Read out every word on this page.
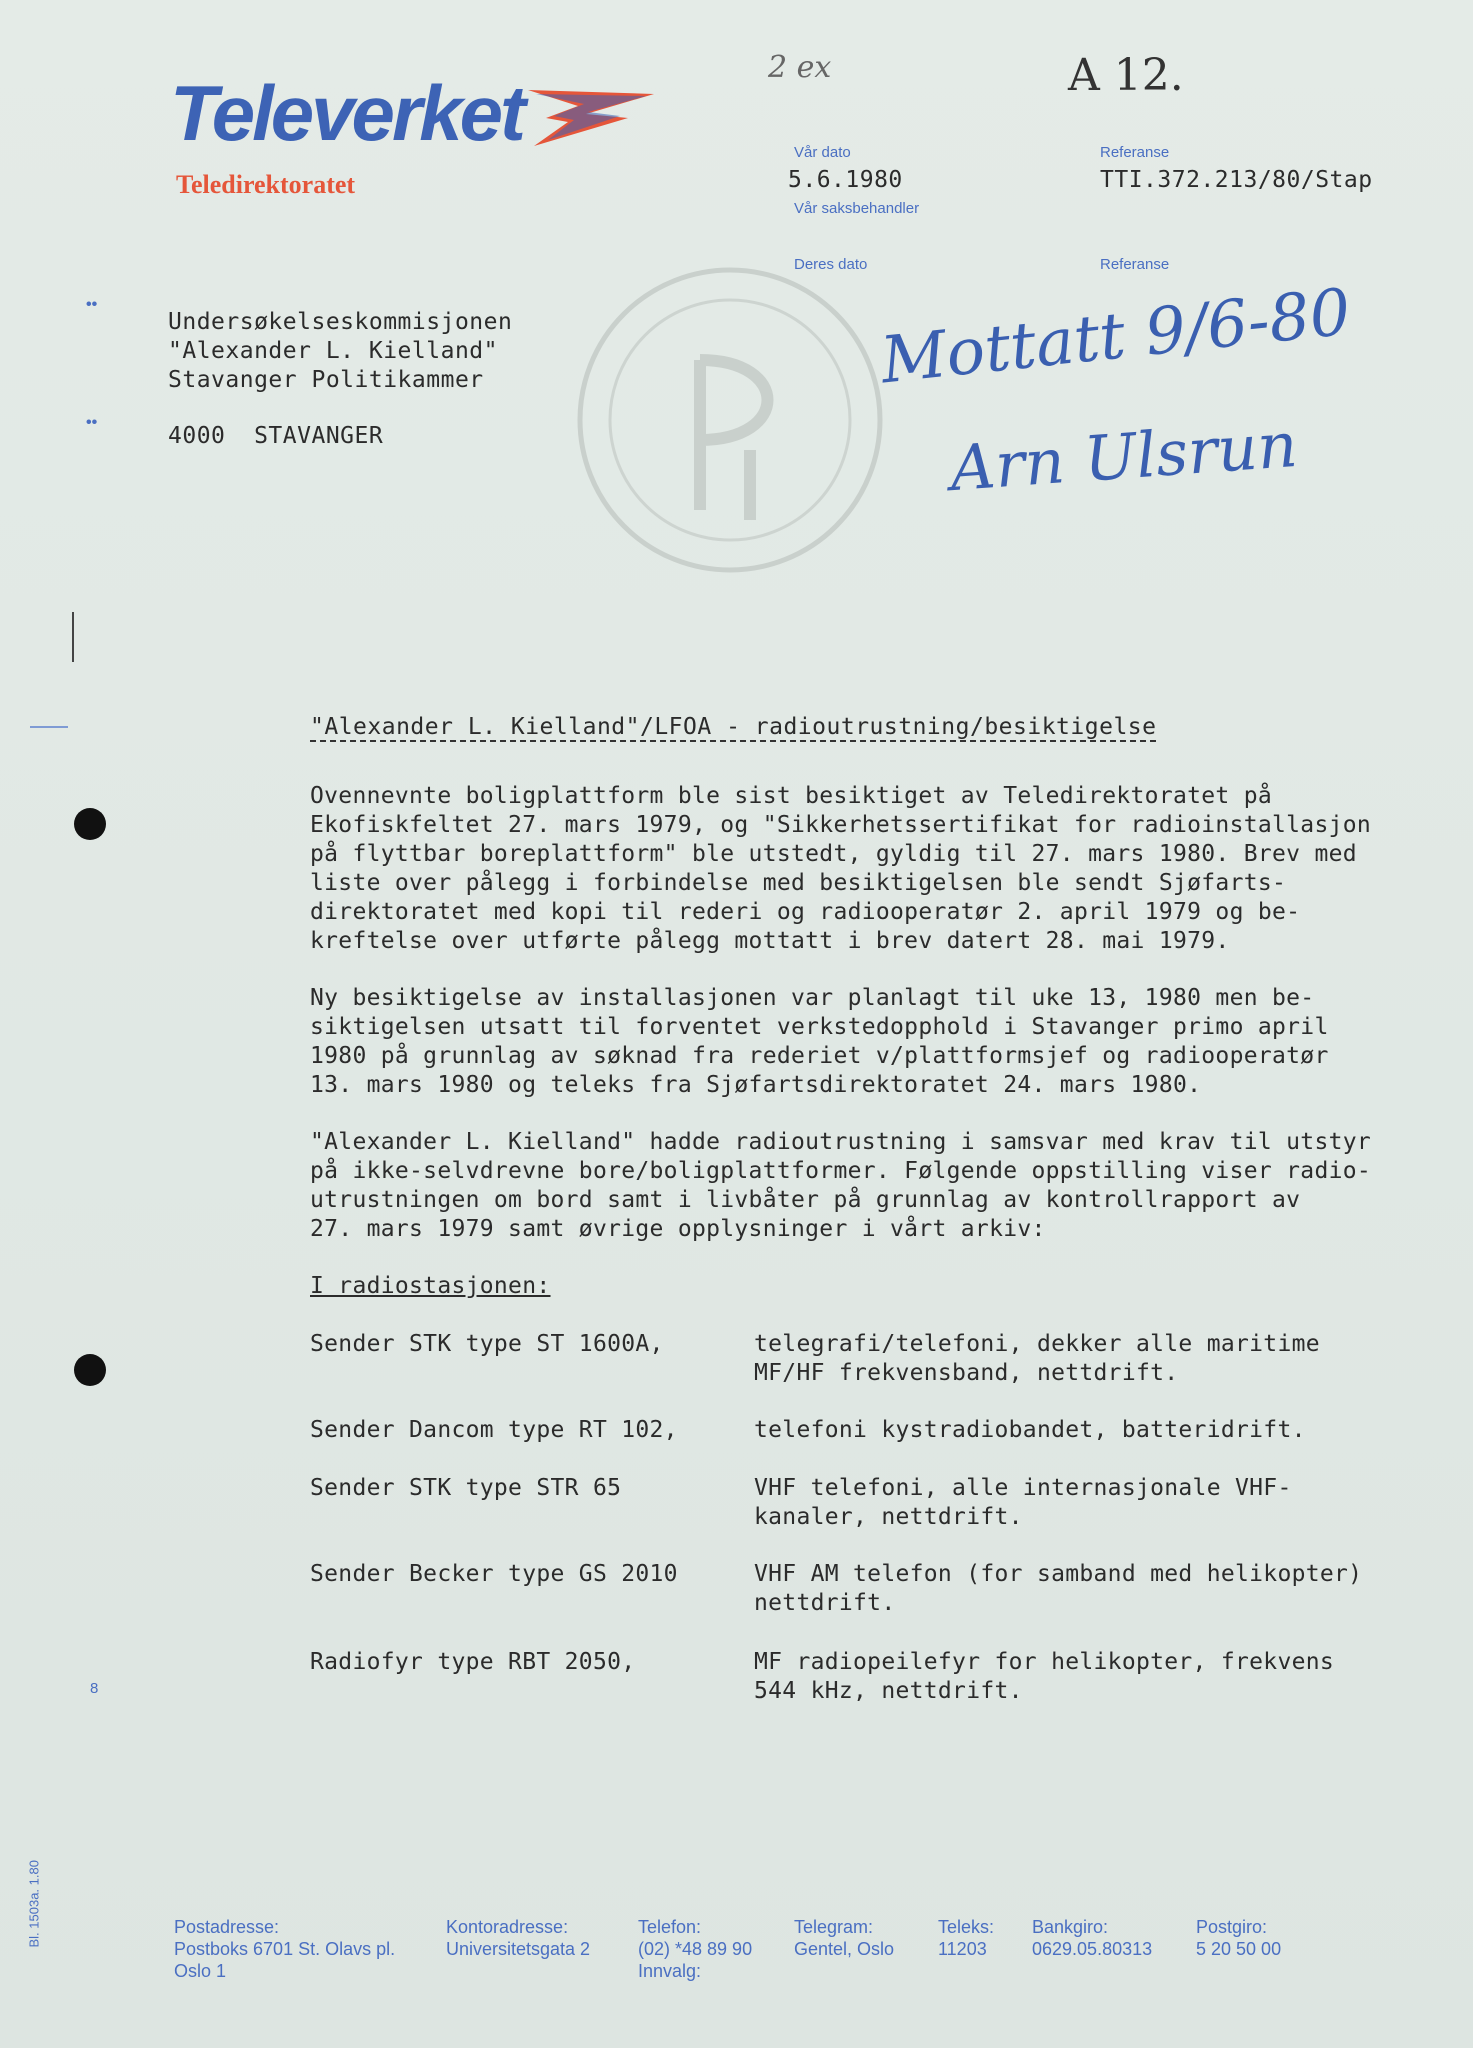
Televerket
Teledirektoratet
2 ex	A 12.
Vår dato	Referanse
5.6.1980	TTI.372.213/80/Stap
Vår saksbehandler
Deres dato	Referanse
••
••
Undersøkelseskommisjonen
"Alexander L. Kielland"
Stavanger Politikammer
4000  STAVANGER
Mottatt 9/6-80
Arn Ulsrun
"Alexander L. Kielland"/LFOA - radioutrustning/besiktigelse
Ovennevnte boligplattform ble sist besiktiget av Teledirektoratet på
Ekofiskfeltet 27. mars 1979, og "Sikkerhetssertifikat for radioinstallasjon
på flyttbar boreplattform" ble utstedt, gyldig til 27. mars 1980. Brev med
liste over pålegg i forbindelse med besiktigelsen ble sendt Sjøfarts-
direktoratet med kopi til rederi og radiooperatør 2. april 1979 og be-
kreftelse over utførte pålegg mottatt i brev datert 28. mai 1979.
Ny besiktigelse av installasjonen var planlagt til uke 13, 1980 men be-
siktigelsen utsatt til forventet verkstedopphold i Stavanger primo april
1980 på grunnlag av søknad fra rederiet v/plattformsjef og radiooperatør
13. mars 1980 og teleks fra Sjøfartsdirektoratet 24. mars 1980.
"Alexander L. Kielland" hadde radioutrustning i samsvar med krav til utstyr
på ikke-selvdrevne bore/boligplattformer. Følgende oppstilling viser radio-
utrustningen om bord samt i livbåter på grunnlag av kontrollrapport av
27. mars 1979 samt øvrige opplysninger i vårt arkiv:
I radiostasjonen:
Sender STK type ST 1600A,	telegrafi/telefoni, dekker alle maritime
MF/HF frekvensband, nettdrift.
Sender Dancom type RT 102,	telefoni kystradiobandet, batteridrift.
Sender STK type STR 65	VHF telefoni, alle internasjonale VHF-
kanaler, nettdrift.
Sender Becker type GS 2010	VHF AM telefon (for samband med helikopter)
nettdrift.
Radiofyr type RBT 2050,	MF radiopeilefyr for helikopter, frekvens
544 kHz, nettdrift.
8
Bl. 1503a. 1.80	Postadresse:
Postboks 6701 St. Olavs pl.
Oslo 1
Kontoradresse:
Universitetsgata 2
Telefon:
(02) *48 89 90
Innvalg:
Telegram:
Gentel, Oslo
Teleks:
11203
Bankgiro:
0629.05.80313
Postgiro:
5 20 50 00
